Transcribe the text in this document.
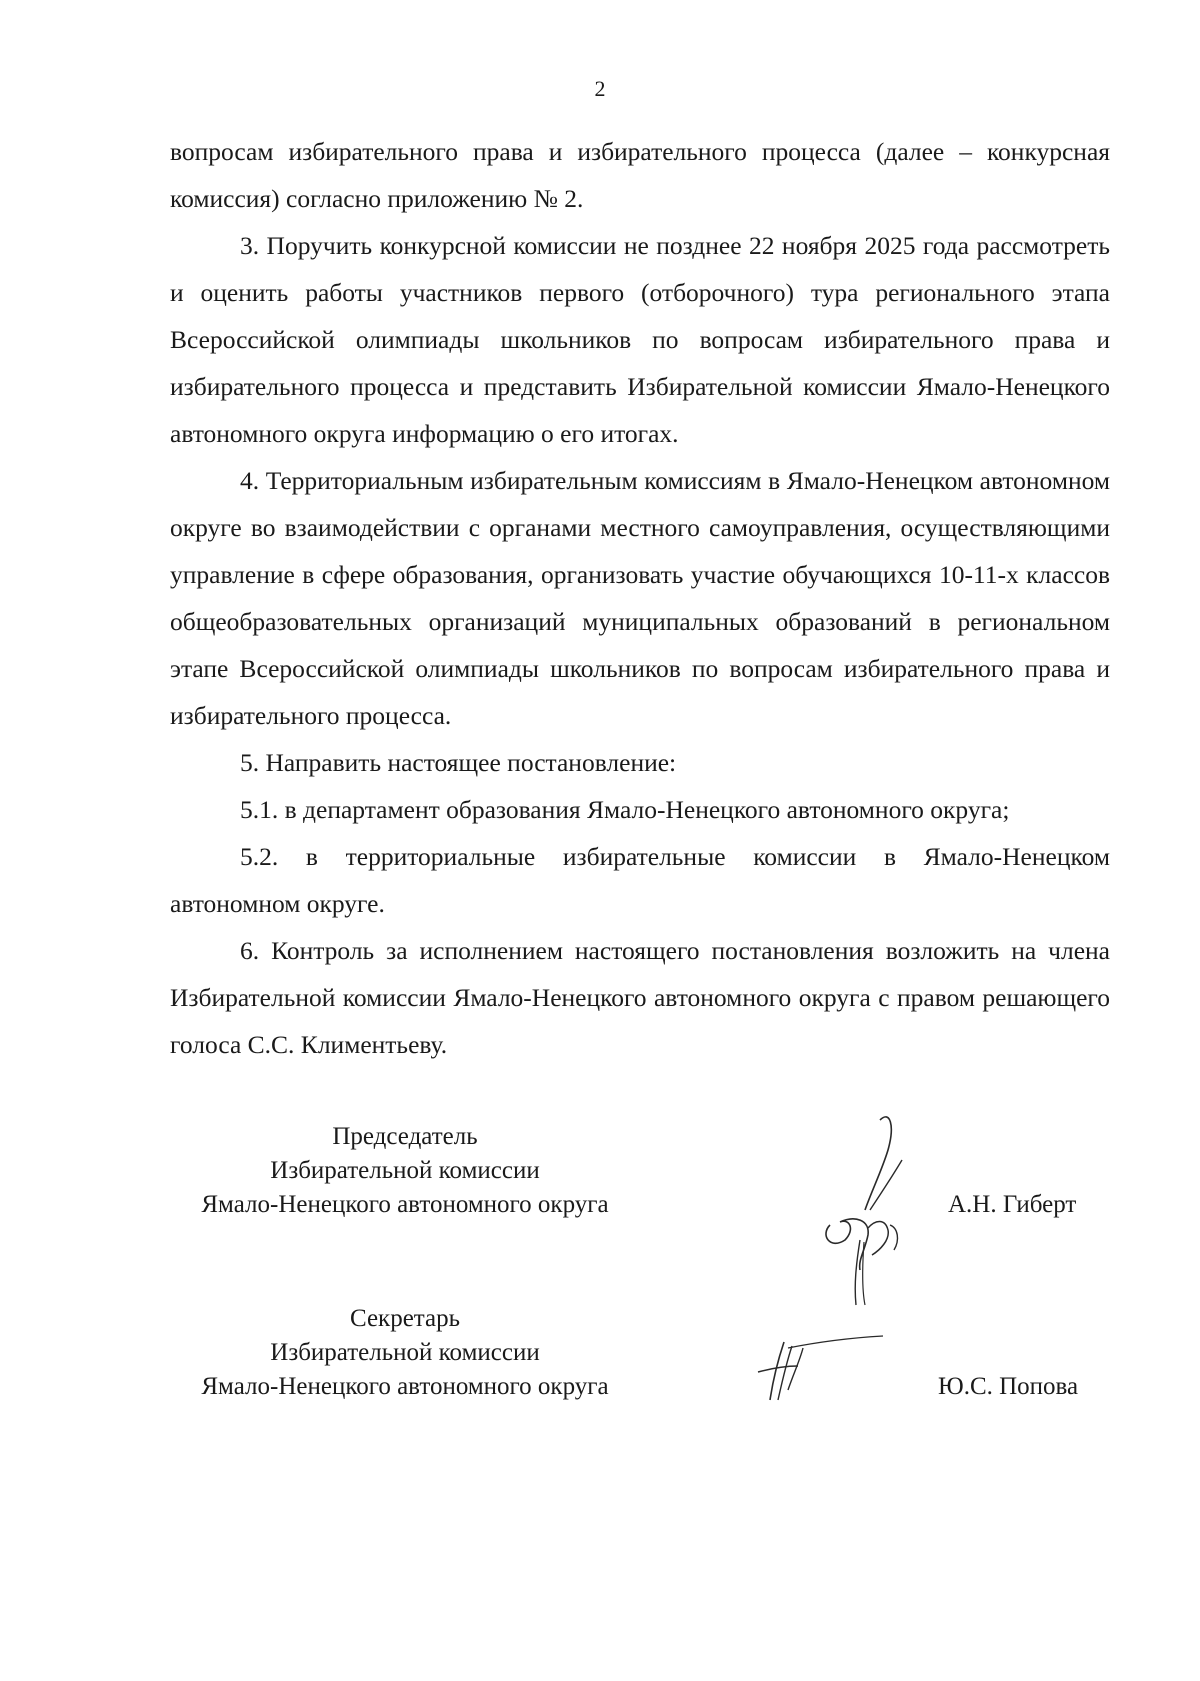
2

вопросам избирательного права и избирательного процесса (далее – конкурсная комиссия) согласно приложению № 2.

3. Поручить конкурсной комиссии не позднее 22 ноября 2025 года рассмотреть и оценить работы участников первого (отборочного) тура регионального этапа Всероссийской олимпиады школьников по вопросам избирательного права и избирательного процесса и представить Избирательной комиссии Ямало-Ненецкого автономного округа информацию о его итогах.

4. Территориальным избирательным комиссиям в Ямало-Ненецком автономном округе во взаимодействии с органами местного самоуправления, осуществляющими управление в сфере образования, организовать участие обучающихся 10-11-х классов общеобразовательных организаций муниципальных образований в региональном этапе Всероссийской олимпиады школьников по вопросам избирательного права и избирательного процесса.

5. Направить настоящее постановление:

5.1. в департамент образования Ямало-Ненецкого автономного округа;

5.2. в территориальные избирательные комиссии в Ямало-Ненецком автономном округе.

6. Контроль за исполнением настоящего постановления возложить на члена Избирательной комиссии Ямало-Ненецкого автономного округа с правом решающего голоса С.С. Климентьеву.

Председатель
Избирательной комиссии
Ямало-Ненецкого автономного округа	А.Н. Гиберт
Секретарь
Избирательной комиссии
Ямало-Ненецкого автономного округа	Ю.С. Попова
